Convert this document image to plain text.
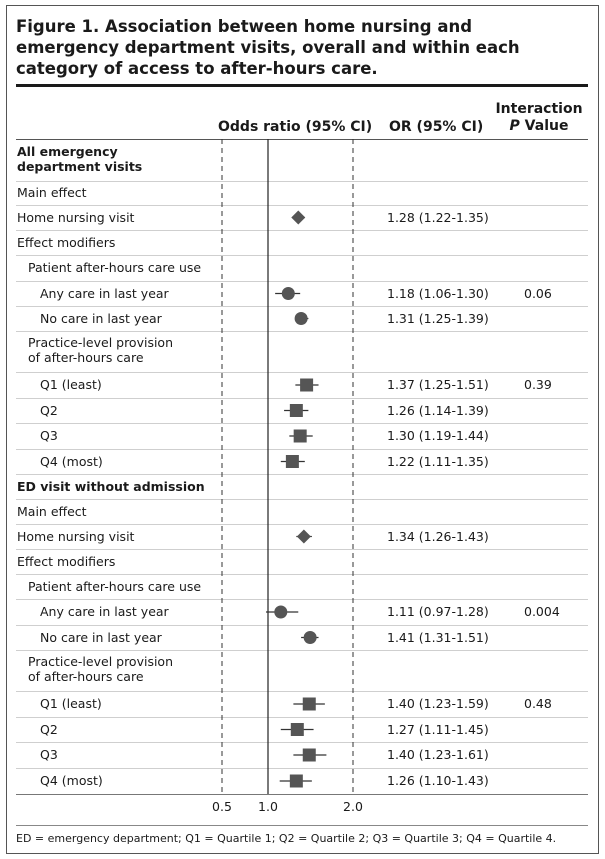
Figure 1. Association between home nursing and emergency department visits, overall and within each category of access to after-hours care.
Odds ratio (95% CI) OR (95% CI)
Interaction
P Value
All emergency department visits
Main effect
Home nursing visit	1.28 (1.22-1.35)
Effect modifiers
Patient after-hours care use
Any care in last year	1.18 (1.06-1.30)	0.06
No care in last year	1.31 (1.25-1.39)
Practice-level provision of after-hours care
Q1 (least)	1.37 (1.25-1.51)	0.39
Q2	1.26 (1.14-1.39)
Q3	1.30 (1.19-1.44)
Q4 (most)	1.22 (1.11-1.35)
ED visit without admission
Main effect
Home nursing visit	1.34 (1.26-1.43)
Effect modifiers
Patient after-hours care use
Any care in last year	1.11 (0.97-1.28)	0.004
No care in last year	1.41 (1.31-1.51)
Practice-level provision of after-hours care
Q1 (least)	1.40 (1.23-1.59)	0.48
Q2	1.27 (1.11-1.45)
Q3	1.40 (1.23-1.61)
Q4 (most)	1.26 (1.10-1.43)
0.5 1.0	2.0
ED = emergency department; Q1 = Quartile 1; Q2 = Quartile 2; Q3 = Quartile 3; Q4 = Quartile 4.
